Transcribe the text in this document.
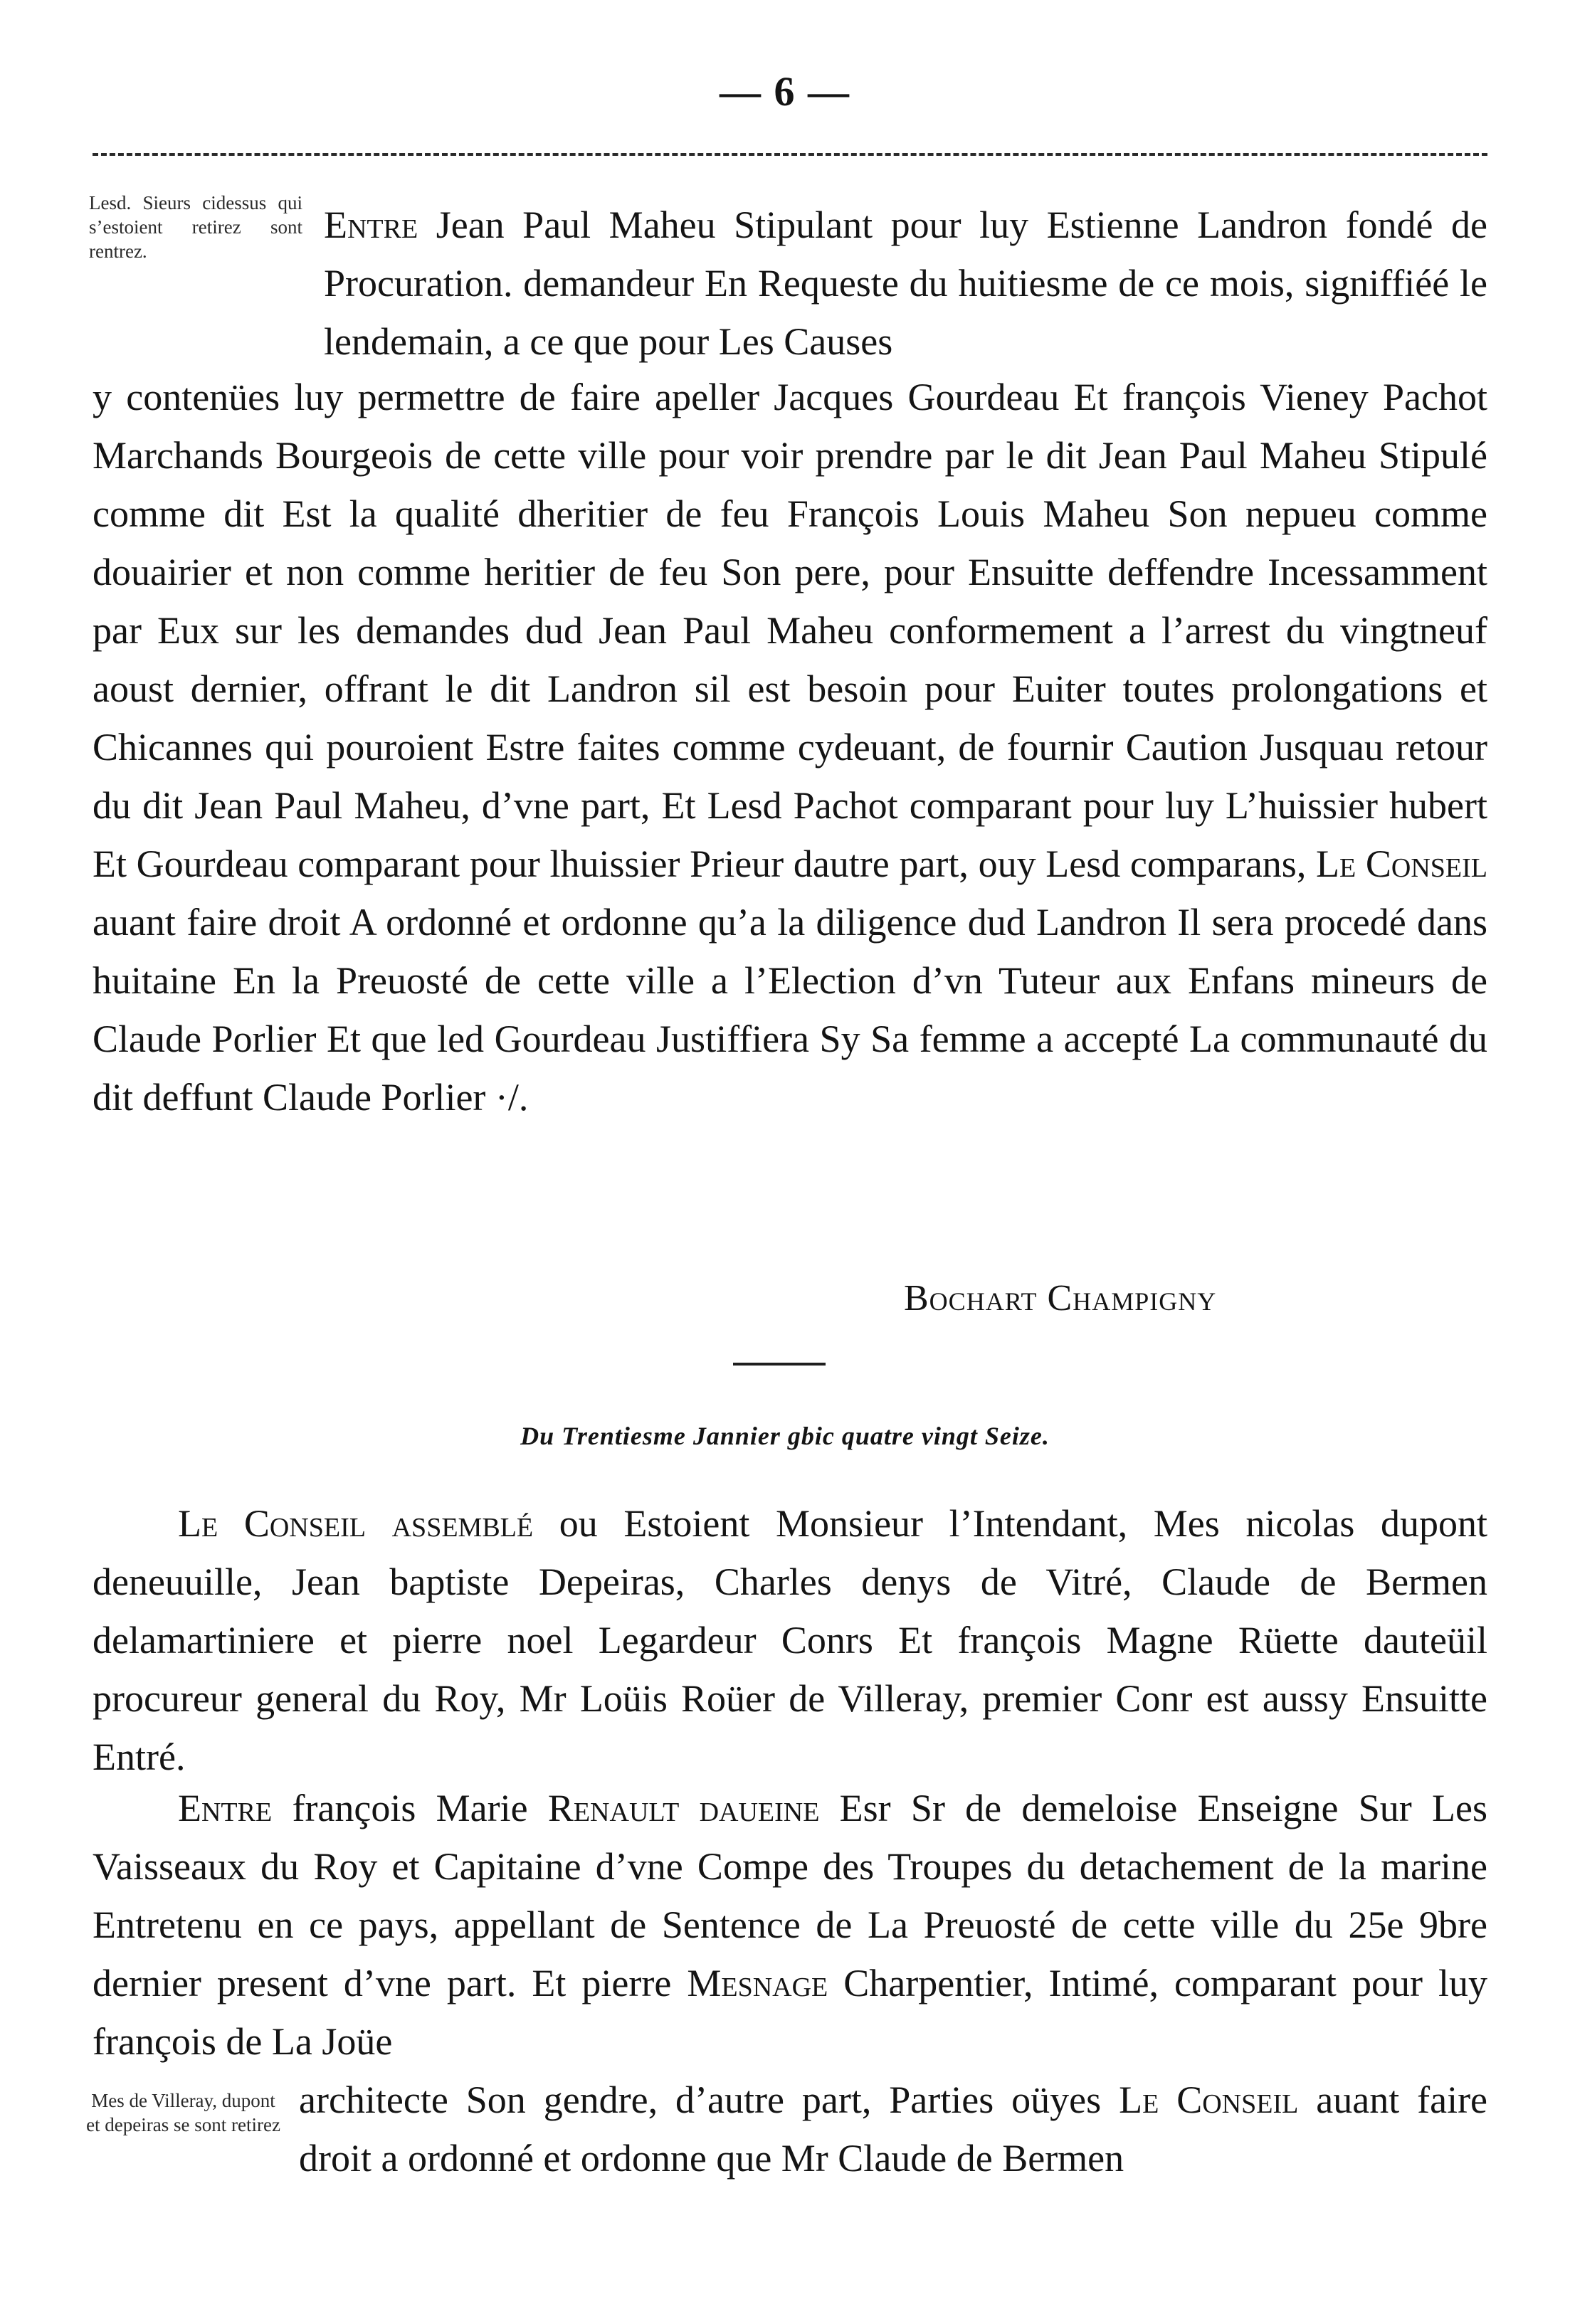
— 6 —
Lesd. Sieurs cidessus qui s’estoient retirez sont rentrez.

Entre Jean Paul Maheu Stipulant pour luy Estienne Landron fondé de Procuration. demandeur En Requeste du huitiesme de ce mois, signiffiéé le lendemain, a ce que pour Les Causes

y contenües luy permettre de faire apeller Jacques Gourdeau Et françois Vieney Pachot Marchands Bourgeois de cette ville pour voir prendre par le dit Jean Paul Maheu Stipulé comme dit Est la qualité dheritier de feu François Louis Maheu Son nepueu comme douairier et non comme heritier de feu Son pere, pour Ensuitte deffendre Incessamment par Eux sur les demandes dud Jean Paul Maheu conformement a l’arrest du vingtneuf aoust dernier, offrant le dit Landron sil est besoin pour Euiter toutes prolongations et Chicannes qui pouroient Estre faites comme cydeuant, de fournir Caution Jusquau retour du dit Jean Paul Maheu, d’vne part, Et Lesd Pachot comparant pour luy L’huissier hubert Et Gourdeau comparant pour lhuissier Prieur dautre part, ouy Lesd comparans, Le Conseil auant faire droit A ordonné et ordonne qu’a la diligence dud Landron Il sera procedé dans huitaine En la Preuosté de cette ville a l’Election d’vn Tuteur aux Enfans mineurs de Claude Porlier Et que led Gourdeau Justiffiera Sy Sa femme a accepté La communauté du dit deffunt Claude Porlier ·/.

Bochart Champigny
Du Trentiesme Jannier gbic quatre vingt Seize.

Le Conseil assemblé ou Estoient Monsieur l’Intendant, Mes nicolas dupont deneuuille, Jean baptiste Depeiras, Charles denys de Vitré, Claude de Bermen delamartiniere et pierre noel Legardeur Conrs Et françois Magne Rüette dauteüil procureur general du Roy, Mr Loüis Roüer de Villeray, premier Conr est aussy Ensuitte Entré.

Entre françois Marie Renault daueine Esr Sr de demeloise Enseigne Sur Les Vaisseaux du Roy et Capitaine d’vne Compe des Troupes du detachement de la marine Entretenu en ce pays, appellant de Sentence de La Preuosté de cette ville du 25e 9bre dernier present d’vne part. Et pierre Mesnage Charpentier, Intimé, comparant pour luy françois de La Joüe

Mes de Villeray, dupont et depeiras se sont retirez

architecte Son gendre, d’autre part, Parties oüyes Le Conseil auant faire droit a ordonné et ordonne que Mr Claude de Bermen
